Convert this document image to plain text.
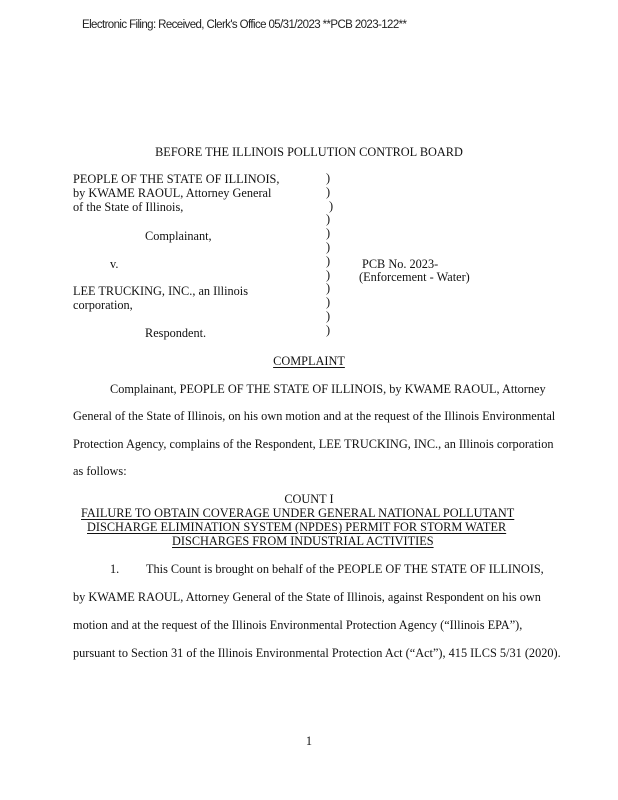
Electronic Filing: Received, Clerk's Office 05/31/2023 **PCB 2023-122**
BEFORE THE ILLINOIS POLLUTION CONTROL BOARD
PEOPLE OF THE STATE OF ILLINOIS,
by KWAME RAOUL, Attorney General
of the State of Illinois,
Complainant,
v.
LEE TRUCKING, INC., an Illinois
corporation,
Respondent.
)
)
)
)
)
)
)
)
)
)
)
)
PCB No. 2023-
(Enforcement - Water)
COMPLAINT
Complainant, PEOPLE OF THE STATE OF ILLINOIS, by KWAME RAOUL, Attorney
General of the State of Illinois, on his own motion and at the request of the Illinois Environmental
Protection Agency, complains of the Respondent, LEE TRUCKING, INC., an Illinois corporation
as follows:
COUNT I
FAILURE TO OBTAIN COVERAGE UNDER GENERAL NATIONAL POLLUTANT
DISCHARGE ELIMINATION SYSTEM (NPDES) PERMIT FOR STORM WATER
DISCHARGES FROM INDUSTRIAL ACTIVITIES
1. This Count is brought on behalf of the PEOPLE OF THE STATE OF ILLINOIS,
by KWAME RAOUL, Attorney General of the State of Illinois, against Respondent on his own
motion and at the request of the Illinois Environmental Protection Agency (“Illinois EPA”),
pursuant to Section 31 of the Illinois Environmental Protection Act (“Act”), 415 ILCS 5/31 (2020).
1
